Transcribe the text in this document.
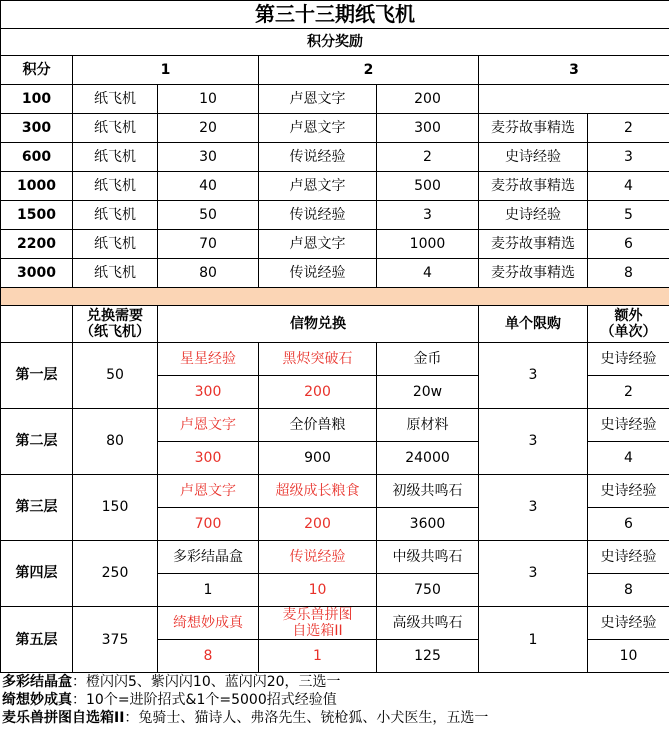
第三十三期纸飞机						
积分奖励						
积分	1		2		3	
100	纸飞机	10	卢恩文字	200		
300	纸飞机	20	卢恩文字	300	麦芬故事精选	2
600	纸飞机	30	传说经验	2	史诗经验	3
1000	纸飞机	40	卢恩文字	500	麦芬故事精选	4
1500	纸飞机	50	传说经验	3	史诗经验	5
2200	纸飞机	70	卢恩文字	1000	麦芬故事精选	6
3000	纸飞机	80	传说经验	4	麦芬故事精选	8

	兑换需要
（纸飞机）	信物兑换			单个限购	额外
（单次）
第一层	50	星星经验	黑烬突破石	金币	3	史诗经验
		300	200	20w		2
第二层	80	卢恩文字	全价兽粮	原材料	3	史诗经验
		300	900	24000		4
第三层	150	卢恩文字	超级成长粮食	初级共鸣石	3	史诗经验
		700	200	3600		6
第四层	250	多彩结晶盒	传说经验	中级共鸣石	3	史诗经验
		1	10	750		8
第五层	375	绮想妙成真	麦乐兽拼图
自选箱II	高级共鸣石	1	史诗经验
		8	1	125		10
多彩结晶盒：橙闪闪5、紫闪闪10、蓝闪闪20，三选一
绮想妙成真：10个=进阶招式&1个=5000招式经验值
麦乐兽拼图自选箱II：兔骑士、猫诗人、弗洛先生、铳枪狐、小犬医生，五选一
